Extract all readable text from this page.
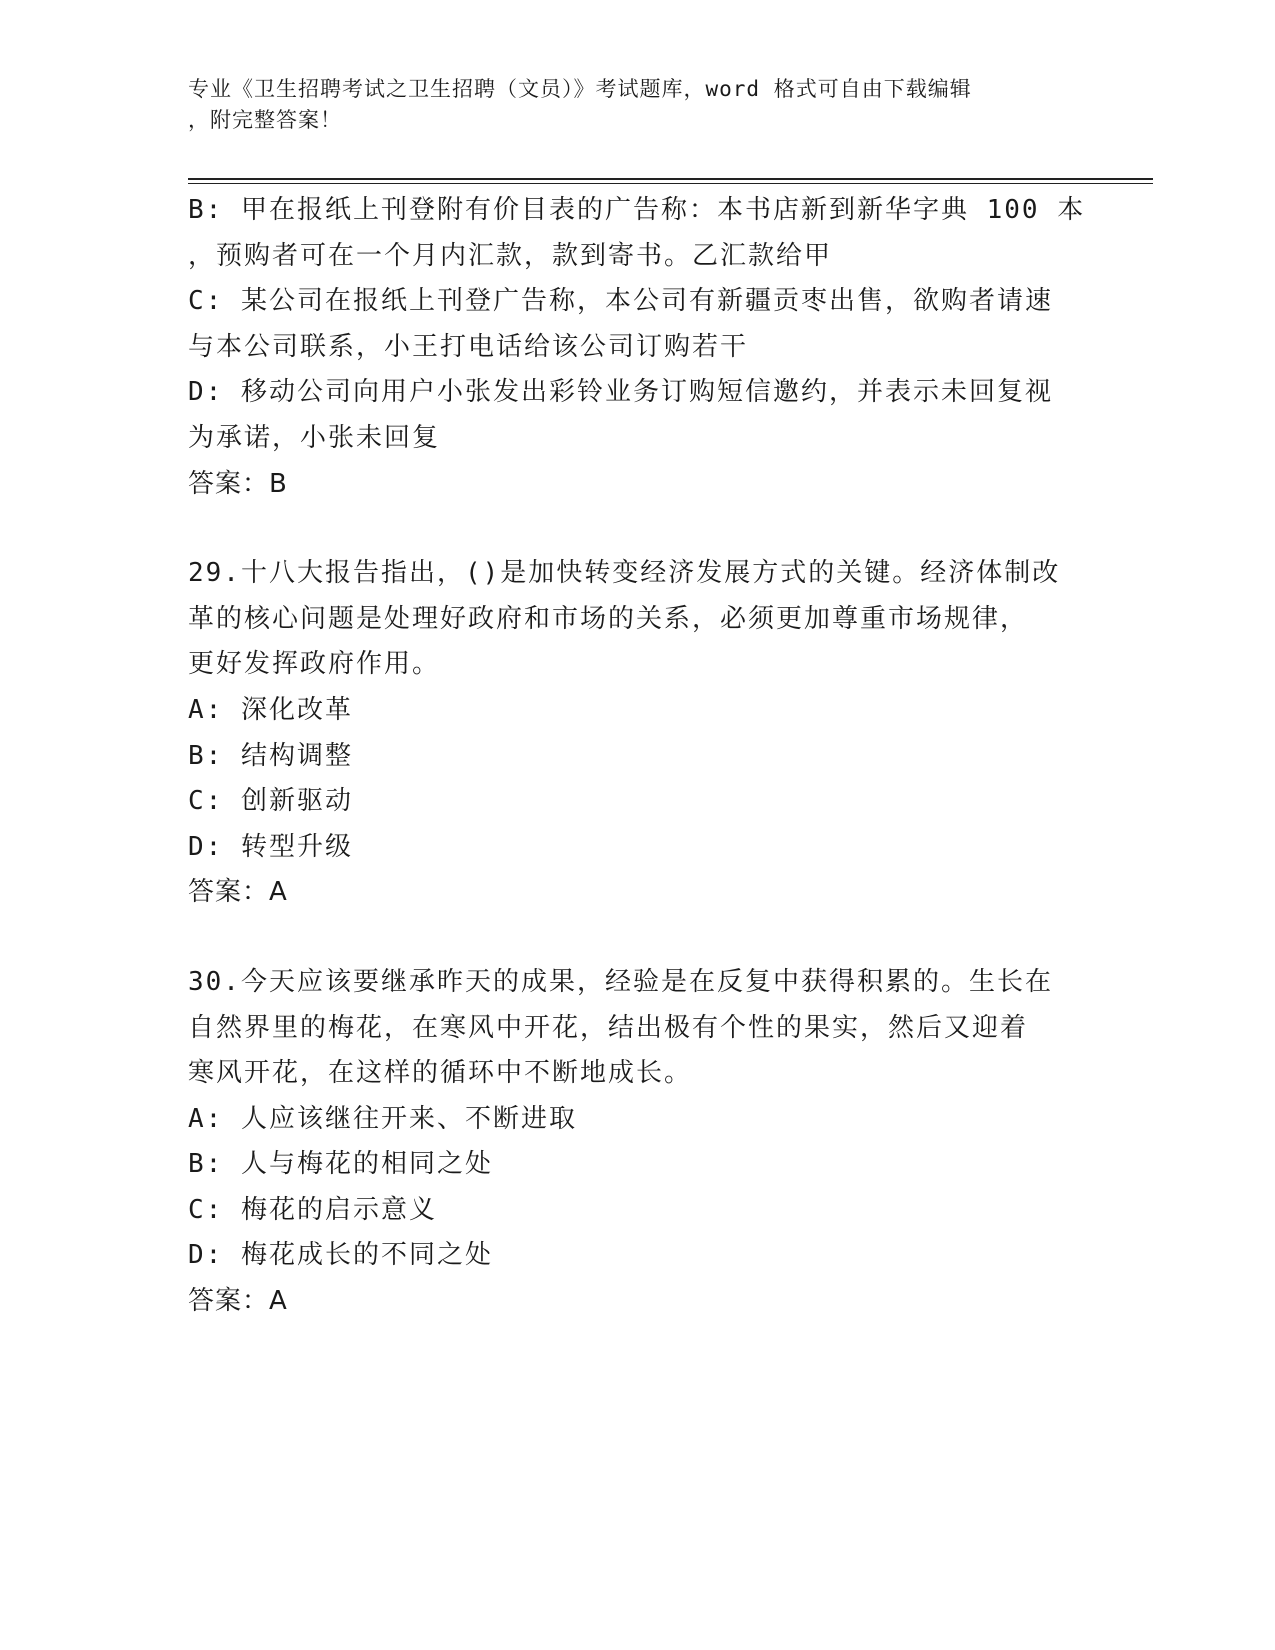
专业《卫生招聘考试之卫生招聘（文员）》考试题库，word 格式可自由下载编辑
，附完整答案！
B: 甲在报纸上刊登附有价目表的广告称：本书店新到新华字典 100 本
，预购者可在一个月内汇款，款到寄书。乙汇款给甲
C: 某公司在报纸上刊登广告称，本公司有新疆贡枣出售，欲购者请速
与本公司联系，小王打电话给该公司订购若干
D: 移动公司向用户小张发出彩铃业务订购短信邀约，并表示未回复视
为承诺，小张未回复
答案：B
29.十八大报告指出，()是加快转变经济发展方式的关键。经济体制改
革的核心问题是处理好政府和市场的关系，必须更加尊重市场规律，
更好发挥政府作用。
A: 深化改革
B: 结构调整
C: 创新驱动
D: 转型升级
答案：A
30.今天应该要继承昨天的成果，经验是在反复中获得积累的。生长在
自然界里的梅花，在寒风中开花，结出极有个性的果实，然后又迎着
寒风开花，在这样的循环中不断地成长。
A: 人应该继往开来、不断进取
B: 人与梅花的相同之处
C: 梅花的启示意义
D: 梅花成长的不同之处
答案：A
